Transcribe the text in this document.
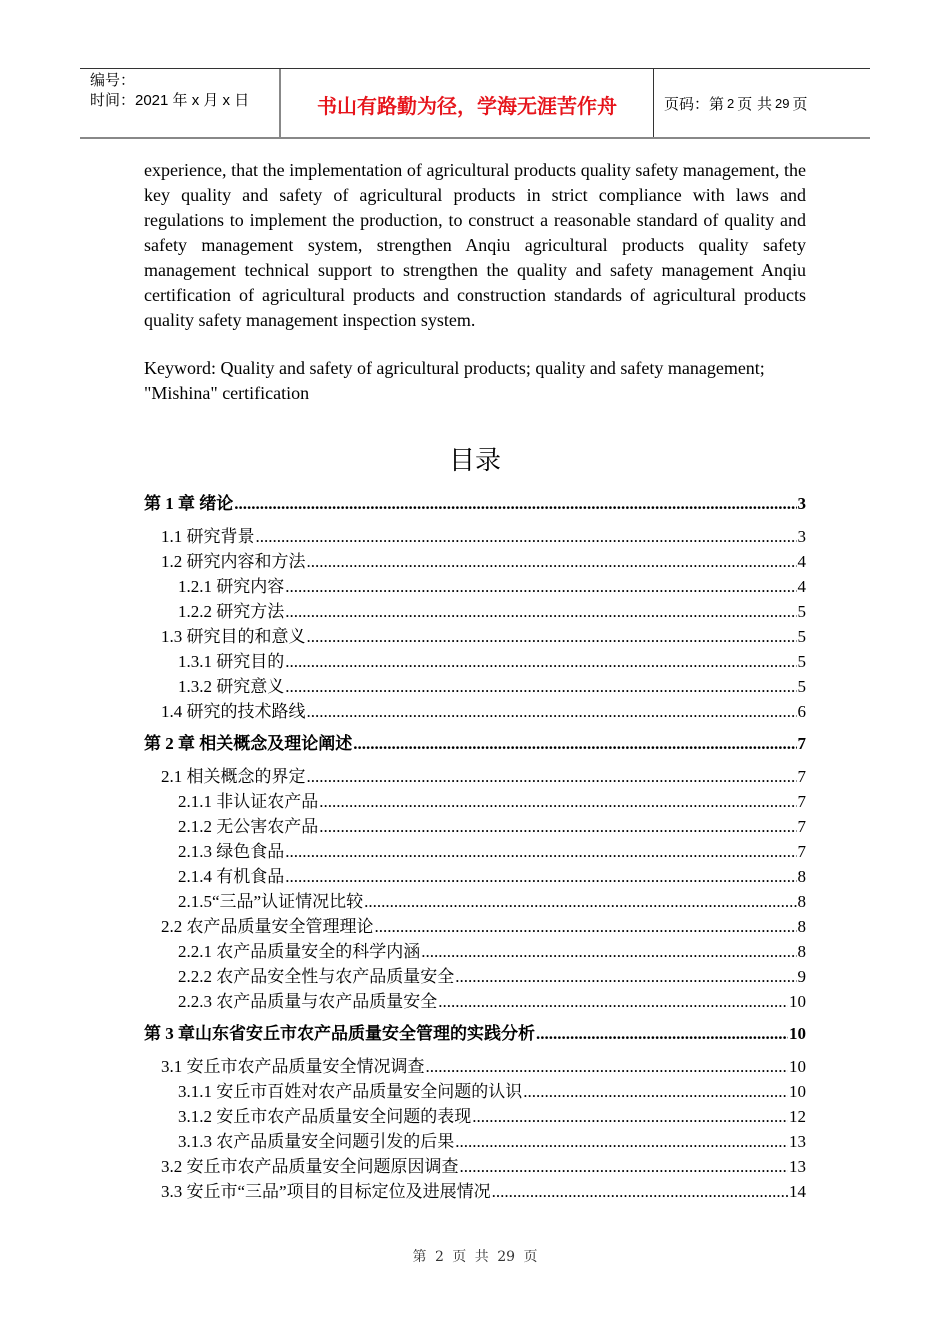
编号：
时间：2021 年 x 月 x 日	书山有路勤为径，学海无涯苦作舟	页码：第 2 页 共 29 页

experience, that the implementation of agricultural products quality safety management, the key quality and safety of agricultural products in strict compliance with laws and regulations to implement the production, to construct a reasonable standard of quality and safety management system, strengthen Anqiu agricultural products quality safety management technical support to strengthen the quality and safety management Anqiu certification of agricultural products and construction standards of agricultural products quality safety management inspection system.

Keyword: Quality and safety of agricultural products; quality and safety management; "Mishina" certification

目录
第 1 章 绪论 .....	3
1.1 研究背景 .....	3
1.2 研究内容和方法 .....	4
1.2.1 研究内容 .....	4
1.2.2 研究方法 .....	5
1.3 研究目的和意义 .....	5
1.3.1 研究目的 .....	5
1.3.2 研究意义 .....	5
1.4 研究的技术路线 .....	6
第 2 章 相关概念及理论阐述 .....	7
2.1 相关概念的界定 .....	7
2.1.1 非认证农产品 .....	7
2.1.2 无公害农产品 .....	7
2.1.3 绿色食品 .....	7
2.1.4 有机食品 .....	8
2.1.5“三品”认证情况比较 .....	8
2.2 农产品质量安全管理理论 .....	8
2.2.1 农产品质量安全的科学内涵 .....	8
2.2.2 农产品安全性与农产品质量安全 .....	9
2.2.3 农产品质量与农产品质量安全 .....	10
第 3 章山东省安丘市农产品质量安全管理的实践分析 .....	10
3.1 安丘市农产品质量安全情况调查 .....	10
3.1.1 安丘市百姓对农产品质量安全问题的认识 .....	10
3.1.2 安丘市农产品质量安全问题的表现 .....	12
3.1.3 农产品质量安全问题引发的后果 .....	13
3.2 安丘市农产品质量安全问题原因调查 .....	13
3.3 安丘市“三品”项目的目标定位及进展情况 .....	14
第 2 页 共 29 页
